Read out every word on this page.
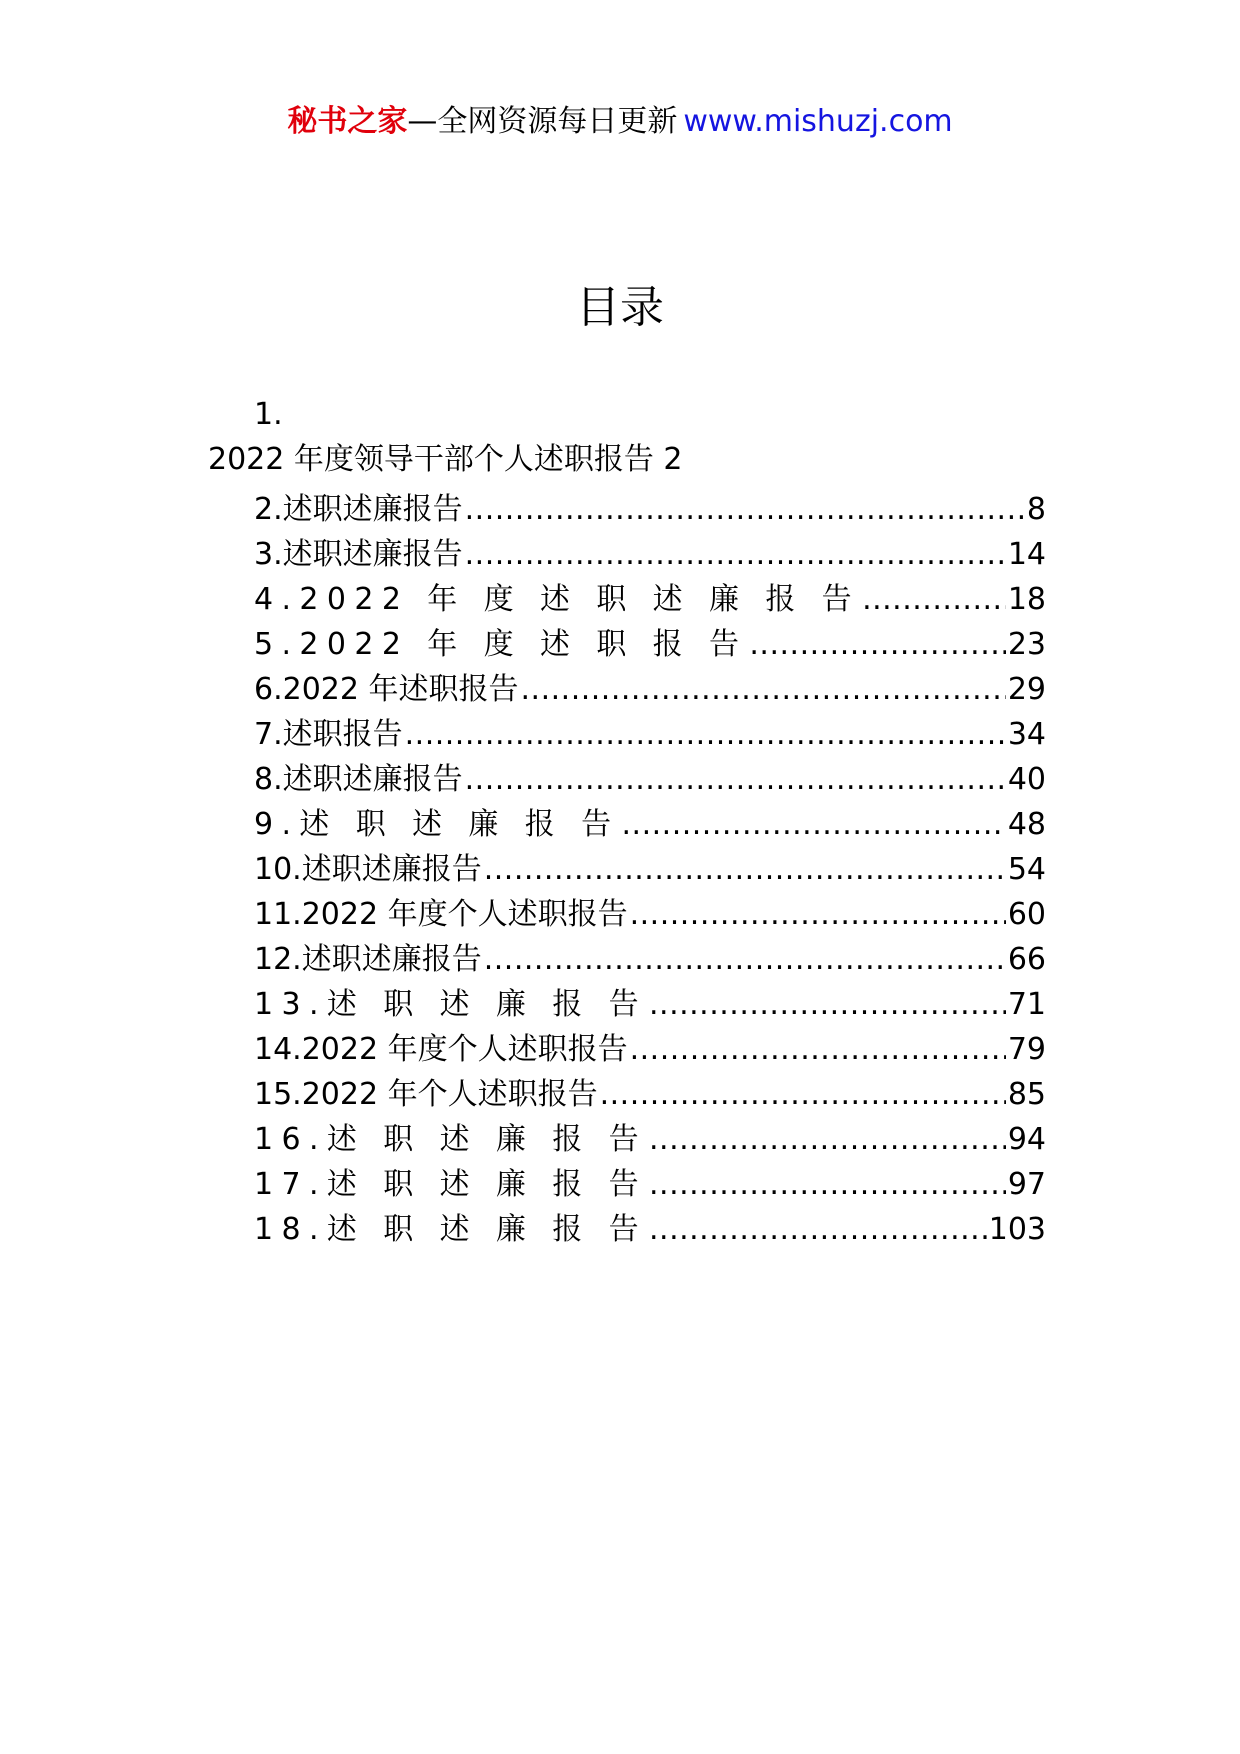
秘书之家—全网资源每日更新 www.mishuzj.com
目录
1.
2022 年度领导干部个人述职报告 2
2.述职述廉报告 .....	8
3.述职述廉报告 .....	14
4.2022 年 度 述 职 述 廉 报 告 .....	18
5.2022 年 度 述 职 报 告 .....	23
6.2022 年述职报告 .....	29
7.述职报告 .....	34
8.述职述廉报告 .....	40
9.述 职 述 廉 报 告 .....	48
10.述职述廉报告 .....	54
11.2022 年度个人述职报告 .....	60
12.述职述廉报告 .....	66
13.述 职 述 廉 报 告 .....	71
14.2022 年度个人述职报告 .....	79
15.2022 年个人述职报告 .....	85
16.述 职 述 廉 报 告 .....	94
17.述 职 述 廉 报 告 .....	97
18.述 职 述 廉 报 告 .....	103
